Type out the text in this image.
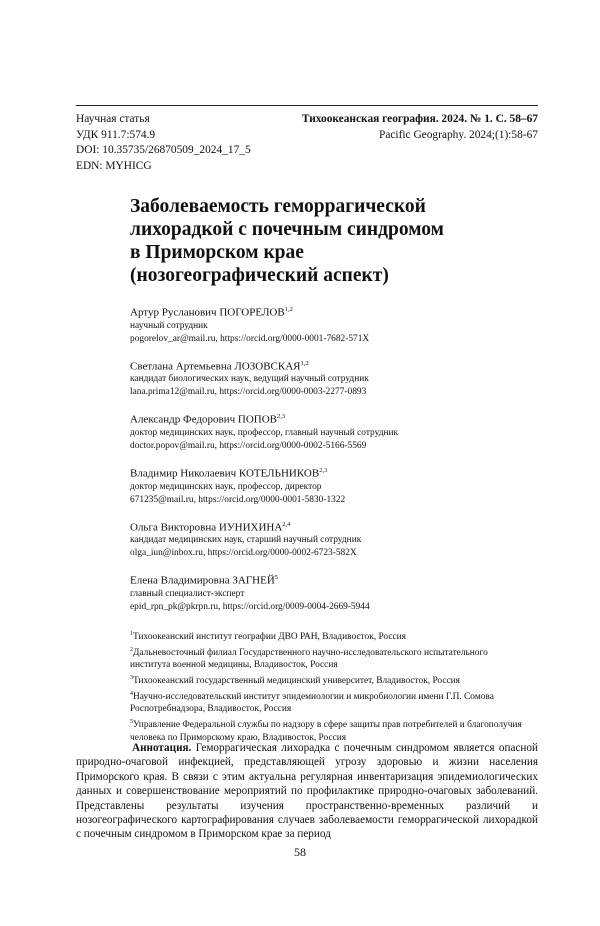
Научная статья
УДК 911.7:574.9
DOI: 10.35735/26870509_2024_17_5
EDN: MYHICG
Тихоокеанская география. 2024. № 1. С. 58–67
Pacific Geography. 2024;(1):58-67
Заболеваемость геморрагической
лихорадкой с почечным синдромом
в Приморском крае
(нозогеографический аспект)
Артур Русланович ПОГОРЕЛОВ$^{1,2}$
научный сотрудник
pogorelov_ar@mail.ru, https://orcid.org/0000-0001-7682-571X
Светлана Артемьевна ЛОЗОВСКАЯ$^{1,2}$
кандидат биологических наук, ведущий научный сотрудник
lana.prima12@mail.ru, https://orcid.org/0000-0003-2277-0893
Александр Федорович ПОПОВ$^{2,3}$
доктор медицинских наук, профессор, главный научный сотрудник
doctor.popov@mail.ru, https://orcid.org/0000-0002-5166-5569
Владимир Николаевич КОТЕЛЬНИКОВ$^{2,3}$
доктор медицинских наук, профессор, директор
671235@mail.ru, https://orcid.org/0000-0001-5830-1322
Ольга Викторовна ИУНИХИНА$^{2,4}$
кандидат медицинских наук, старший научный сотрудник
olga_iun@inbox.ru, https://orcid.org/0000-0002-6723-582X
Елена Владимировна ЗАГНЕЙ$^5$
главный специалист-эксперт
epid_rpn_pk@pkrpn.ru, https://orcid.org/0009-0004-2669-5944

$^1$Тихоокеанский институт географии ДВО РАН, Владивосток, Россия

$^2$Дальневосточный филиал Государственного научно-исследовательского испытательного
института военной медицины, Владивосток, Россия

$^3$Тихоокеанский государственный медицинский университет, Владивосток, Россия

$^4$Научно-исследовательский институт эпидемиологии и микробиологии имени Г.П. Сомова
Роспотребнадзора, Владивосток, Россия

$^5$Управление Федеральной службы по надзору в сфере защиты прав потребителей и благополучия
человека по Приморскому краю, Владивосток, Россия

Аннотация. Геморрагическая лихорадка с почечным синдромом является опасной природно-очаговой инфекцией, представляющей угрозу здоровью и жизни населения Приморского края. В связи с этим актуальна регулярная инвентаризация эпидемиологических данных и совершенствование мероприятий по профилактике природно-очаговых заболеваний. Представлены результаты изучения пространственно-временных различий и нозогеографического картографирования случаев заболеваемости геморрагической лихорадкой с почечным синдромом в Приморском крае за период

58
